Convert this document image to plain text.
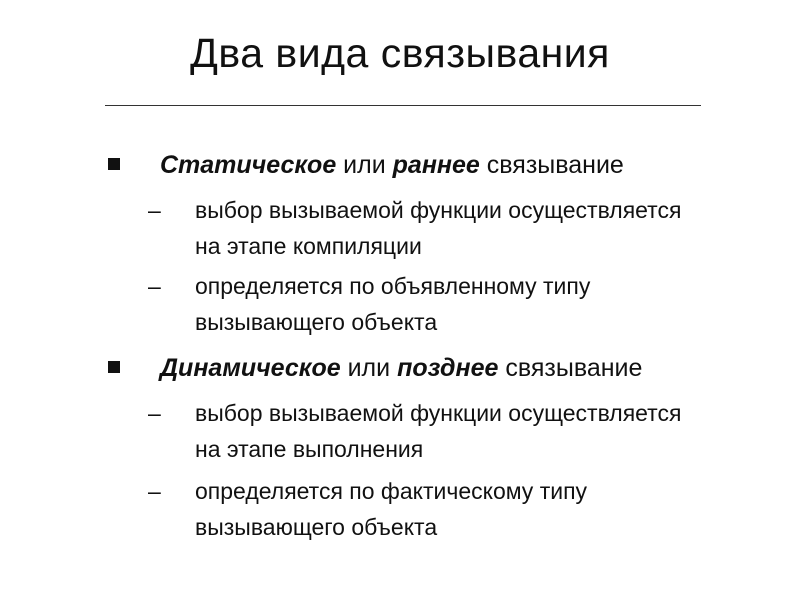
Два вида связывания
Статическое или раннее связывание
– выбор вызываемой функции осуществляется
на этапе компиляции
– определяется по объявленному типу
вызывающего объекта
Динамическое или позднее связывание
– выбор вызываемой функции осуществляется
на этапе выполнения
– определяется по фактическому типу
вызывающего объекта
